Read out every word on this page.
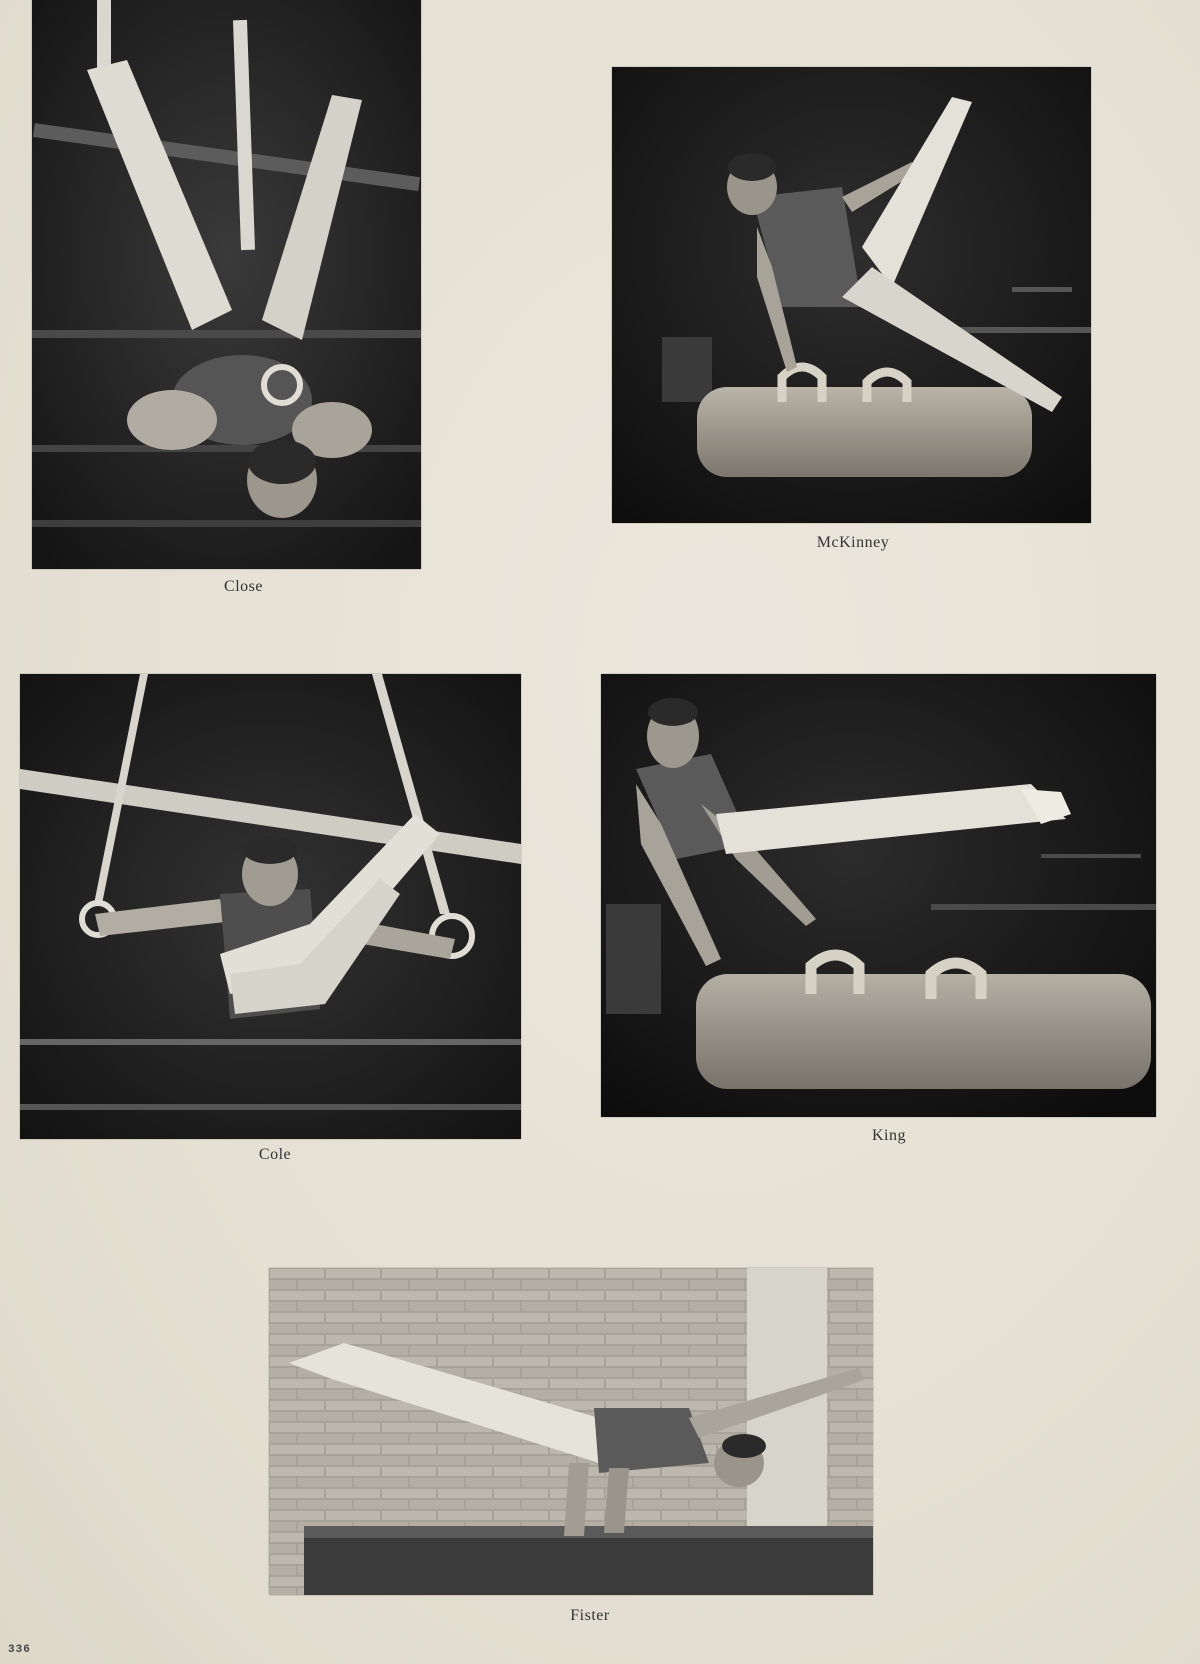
Close
McKinney
Cole
King
Fister
336
